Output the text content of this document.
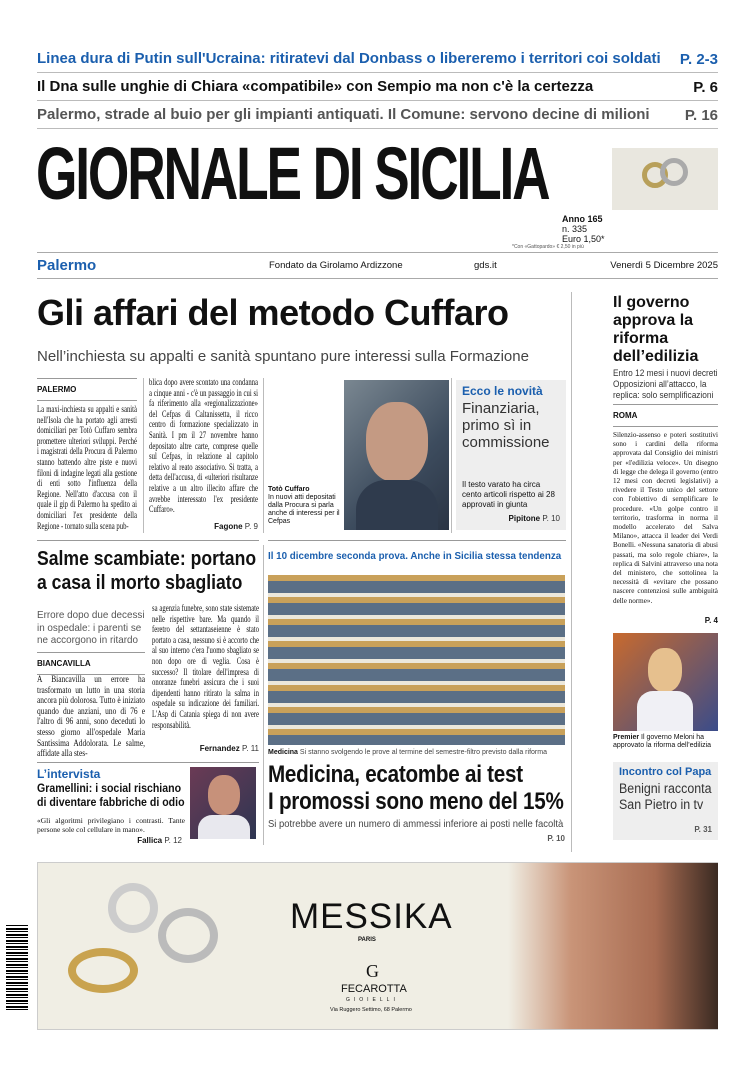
Linea dura di Putin sull'Ucraina: ritiratevi dal Donbass o libereremo i territori coi soldati P. 2-3
Il Dna sulle unghie di Chiara «compatibile» con Sempio ma non c'è la certezza	P. 6
Palermo, strade al buio per gli impianti antiquati. Il Comune: servono decine di milioni	P. 16
GIORNALE DI SICILIA
Anno 165
n. 335
Euro 1,50*
*Con «Gattopardo» € 2,50 in più
Palermo	Fondato da Girolamo Ardizzone	gds.it	Venerdì 5 Dicembre 2025
Gli affari del metodo Cuffaro
Nell’inchiesta su appalti e sanità spuntano pure interessi sulla Formazione
PALERMO
La maxi-inchiesta su appalti e sanità nell'Isola che ha portato agli arresti domiciliari per Totò Cuffaro sembra promettere ulteriori sviluppi. Perché i magistrati della Procura di Palermo stanno battendo altre piste e nuovi filoni di indagine legati alla gestione di enti sotto l'influenza della Regione. Nell'atto d'accusa con il quale il gip di Palermo ha spedito ai domiciliari l'ex presidente della Regione - tornato sulla scena pub-
blica dopo avere scontato una condanna a cinque anni - c'è un passaggio in cui si fa riferimento alla «regionalizzazione» del Cefpas di Caltanissetta, il ricco centro di formazione specializzato in Sanità. I pm il 27 novembre hanno depositato altre carte, comprese quelle sul Cefpas, in relazione al capitolo relativo al reato associativo. Si tratta, a detta dell'accusa, di «ulteriori risultanze relative a un altro illecito affare che avrebbe interessato l'ex presidente Cuffaro».
Fagone P. 9
Totò Cuffaro
In nuovi atti depositati dalla Procura si parla anche di interessi per il Cefpas
Ecco le novità
Finanziaria, primo sì in commissione
Il testo varato ha circa cento articoli rispetto ai 28 approvati in giunta
Pipitone P. 10
Salme scambiate: portano a casa il morto sbagliato
Errore dopo due decessi in ospedale: i parenti se ne accorgono in ritardo
BIANCAVILLA
A Biancavilla un errore ha trasformato un lutto in una storia ancora più dolorosa. Tutto è iniziato quando due anziani, uno di 76 e l'altro di 96 anni, sono deceduti lo stesso giorno all'ospedale Maria Santissima Addolorata. Le salme, affidate alla stes-
sa agenzia funebre, sono state sistemate nelle rispettive bare. Ma quando il feretro del settantaseienne è stato portato a casa, nessuno si è accorto che al suo interno c'era l'uomo sbagliato se non dopo ore di veglia. Cosa è successo? Il titolare dell'impresa di onoranze funebri assicura che i suoi dipendenti hanno ritirato la salma in ospedale su indicazione dei familiari. L'Asp di Catania spiega di non avere responsabilità.
Fernandez P. 11
L’intervista
Gramellini: i social rischiano di diventare fabbriche di odio
«Gli algoritmi privilegiano i contrasti. Tante persone sole col cellulare in mano».
Fallica P. 12
Il 10 dicembre seconda prova. Anche in Sicilia stessa tendenza
Medicina Si stanno svolgendo le prove al termine del semestre-filtro previsto dalla riforma
Medicina, ecatombe ai test
I promossi sono meno del 15%
Si potrebbe avere un numero di ammessi inferiore ai posti nelle facoltà
P. 10
Il governo approva la riforma dell’edilizia
Entro 12 mesi i nuovi decreti Opposizioni all’attacco, la replica: solo semplificazioni
ROMA
Silenzio-assenso e poteri sostitutivi sono i cardini della riforma approvata dal Consiglio dei ministri per «l'edilizia veloce». Un disegno di legge che delega il governo (entro 12 mesi con decreti legislativi) a rivedere il Testo unico del settore con l'obiettivo di semplificare le procedure. «Un golpe contro il territorio, trasforma in norma il modello accelerato del Salva Milano», attacca il leader dei Verdi Bonelli. «Nessuna sanatoria di abusi passati, ma solo regole chiare», la replica di Salvini attraverso una nota del ministero, che sottolinea la necessità di «evitare che possano nascere contenziosi sulle ambiguità delle norme».
P. 4
Premier Il governo Meloni ha approvato la riforma dell’edilizia
Incontro col Papa
Benigni racconta San Pietro in tv
P. 31
MESSIKA
PARIS
G
FECAROTTA
GIOIELLI
Via Ruggero Settimo, 68 Palermo
